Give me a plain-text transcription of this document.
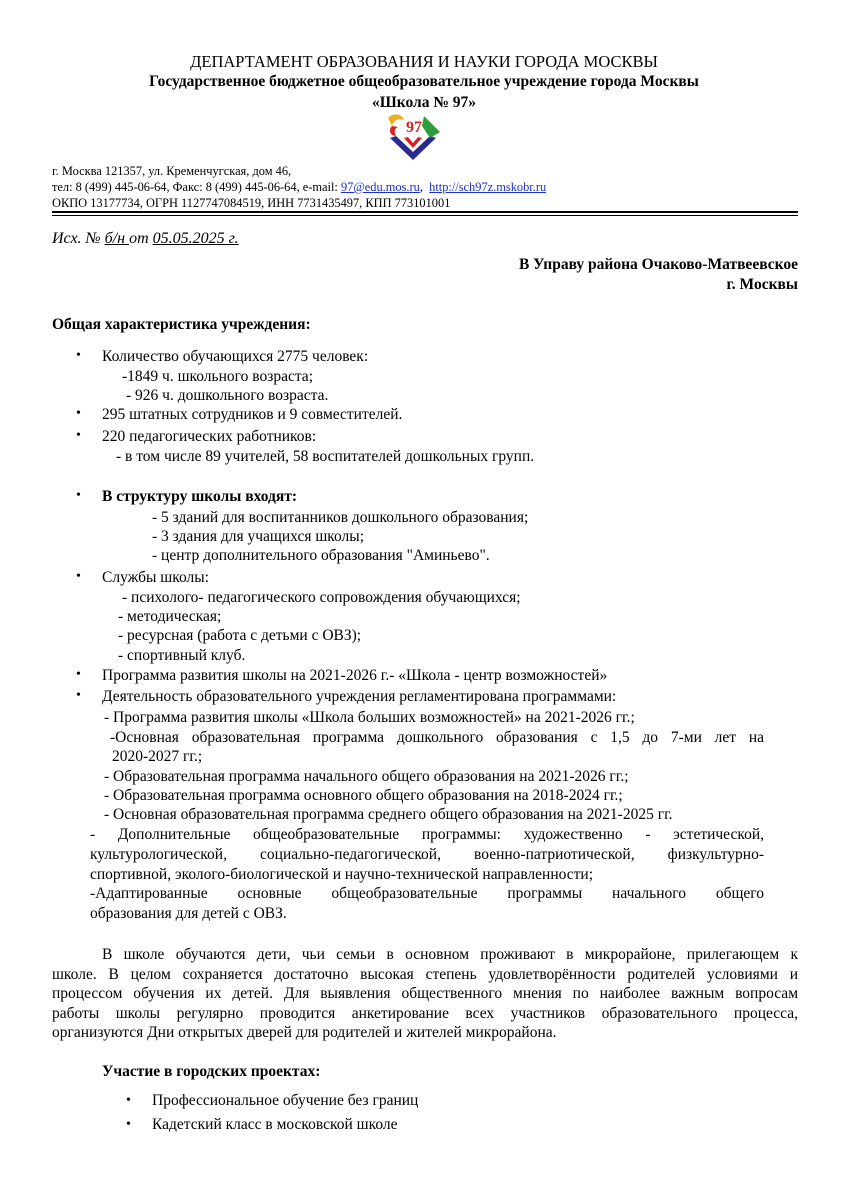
ДЕПАРТАМЕНТ ОБРАЗОВАНИЯ И НАУКИ ГОРОДА МОСКВЫ
Государственное бюджетное общеобразовательное учреждение города Москвы
«Школа № 97»
97
г. Москва 121357, ул. Кременчугская, дом 46,
тел: 8 (499) 445-06-64, Факс: 8 (499) 445-06-64, e-mail: 97@edu.mos.ru,  http://sch97z.mskobr.ru
ОКПО 13177734, ОГРН 1127747084519, ИНН 7731435497, КПП 773101001
Исх. № б/н от 05.05.2025 г.
В Управу района Очаково-Матвеевское
г. Москвы
Общая характеристика учреждения:
• Количество обучающихся 2775 человек:
-1849 ч. школьного возраста;
- 926 ч. дошкольного возраста.
• 295 штатных сотрудников и 9 совместителей.
• 220 педагогических работников:
- в том числе 89 учителей, 58 воспитателей дошкольных групп.
• В структуру школы входят:
- 5 зданий для воспитанников дошкольного образования;
- 3 здания для учащихся школы;
- центр дополнительного образования "Аминьево".
• Службы школы:
- психолого- педагогического сопровождения обучающихся;
- методическая;
- ресурсная (работа с детьми с ОВЗ);
- спортивный клуб.
• Программа развития школы на 2021-2026 г.- «Школа - центр возможностей»
• Деятельность образовательного учреждения регламентирована программами:
- Программа развития школы «Школа больших возможностей» на 2021-2026 гг.;
-Основная образовательная программа дошкольного образования с 1,5 до 7-ми лет на
2020-2027 гг.;
- Образовательная программа начального общего образования на 2021-2026 гг.;
- Образовательная программа основного общего образования на 2018-2024 гг.;
- Основная образовательная программа среднего общего образования на 2021-2025 гг.
- Дополнительные общеобразовательные программы: художественно - эстетической,
культурологической, социально-педагогической, военно-патриотической, физкультурно-
спортивной, эколого-биологической и научно-технической направленности;
-Адаптированные основные общеобразовательные программы начального общего
образования для детей с ОВЗ.
В школе обучаются дети, чьи семьи в основном проживают в микрорайоне, прилегающем к
школе. В целом сохраняется достаточно высокая степень удовлетворённости родителей условиями и
процессом обучения их детей. Для выявления общественного мнения по наиболее важным вопросам
работы школы регулярно проводится анкетирование всех участников образовательного процесса,
организуются Дни открытых дверей для родителей и жителей микрорайона.
Участие в городских проектах:
• Профессиональное обучение без границ
• Кадетский класс в московской школе
